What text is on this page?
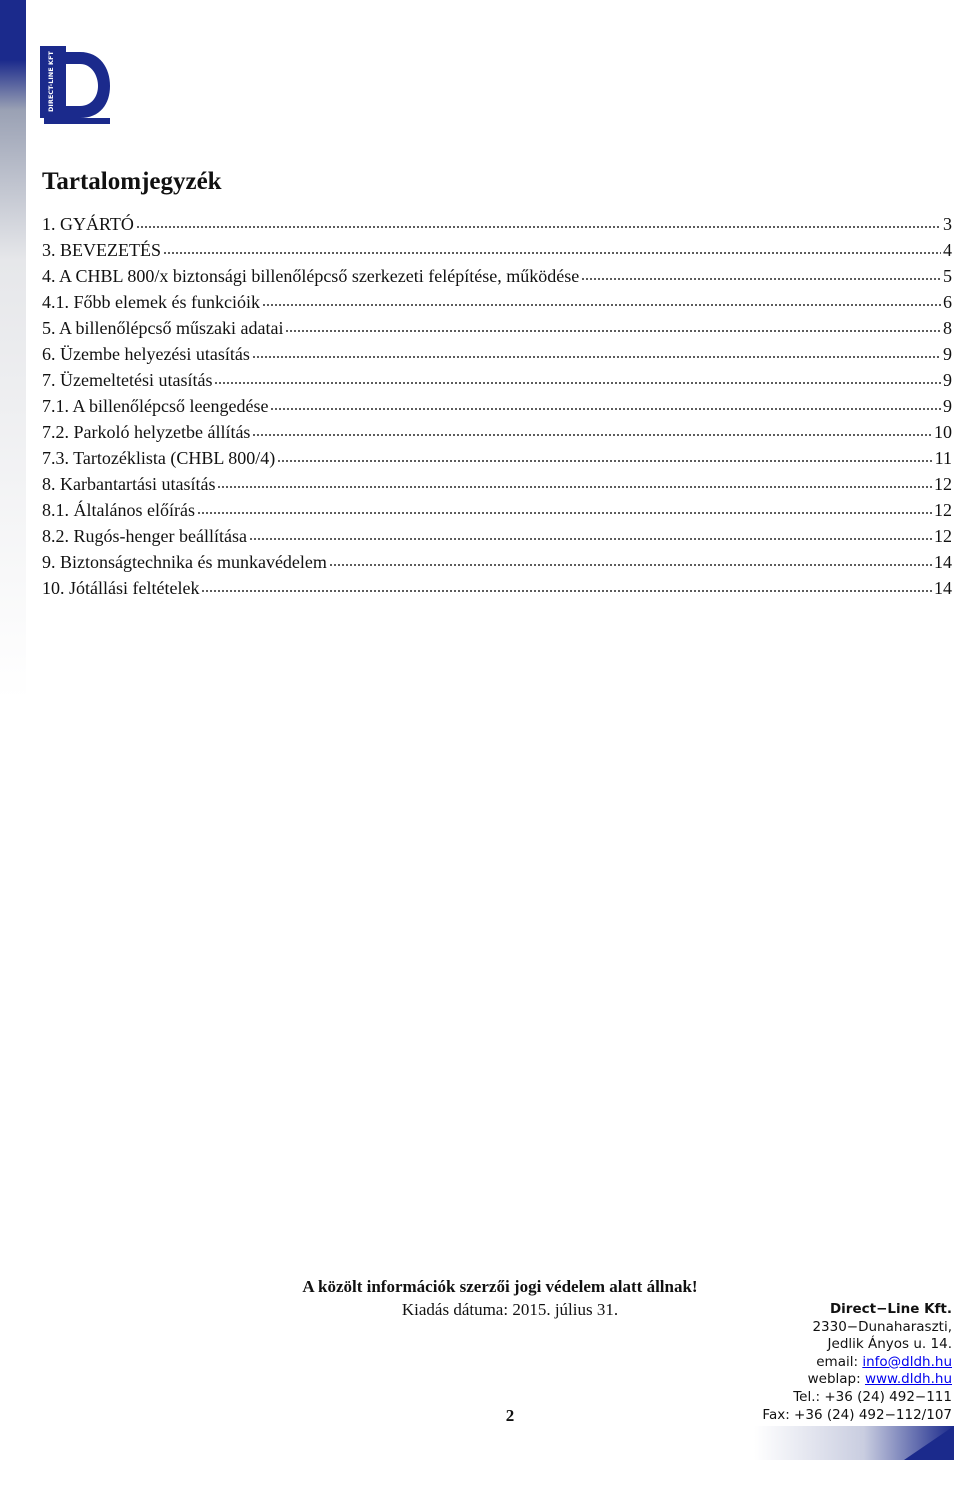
DIRECT-LINE KFT
Tartalomjegyzék
1. GYÁRTÓ	3
3. BEVEZETÉS	4
4. A CHBL 800/x biztonsági billenőlépcső szerkezeti felépítése, működése	5
4.1. Főbb elemek és funkcióik	6
5. A billenőlépcső műszaki adatai	8
6. Üzembe helyezési utasítás	9
7. Üzemeltetési utasítás	9
7.1. A billenőlépcső leengedése	9
7.2. Parkoló helyzetbe állítás	10
7.3. Tartozéklista (CHBL 800/4)	11
8. Karbantartási utasítás	12
8.1. Általános előírás	12
8.2. Rugós-henger beállítása	12
9. Biztonságtechnika és munkavédelem	14
10. Jótállási feltételek	14
A közölt információk szerzői jogi védelem alatt állnak!
Kiadás dátuma: 2015. július 31.
2
Direct−Line Kft.
2330−Dunaharaszti,
Jedlik Ányos u. 14.
email: info@dldh.hu
weblap: www.dldh.hu
Tel.: +36 (24) 492−111
Fax: +36 (24) 492−112/107
